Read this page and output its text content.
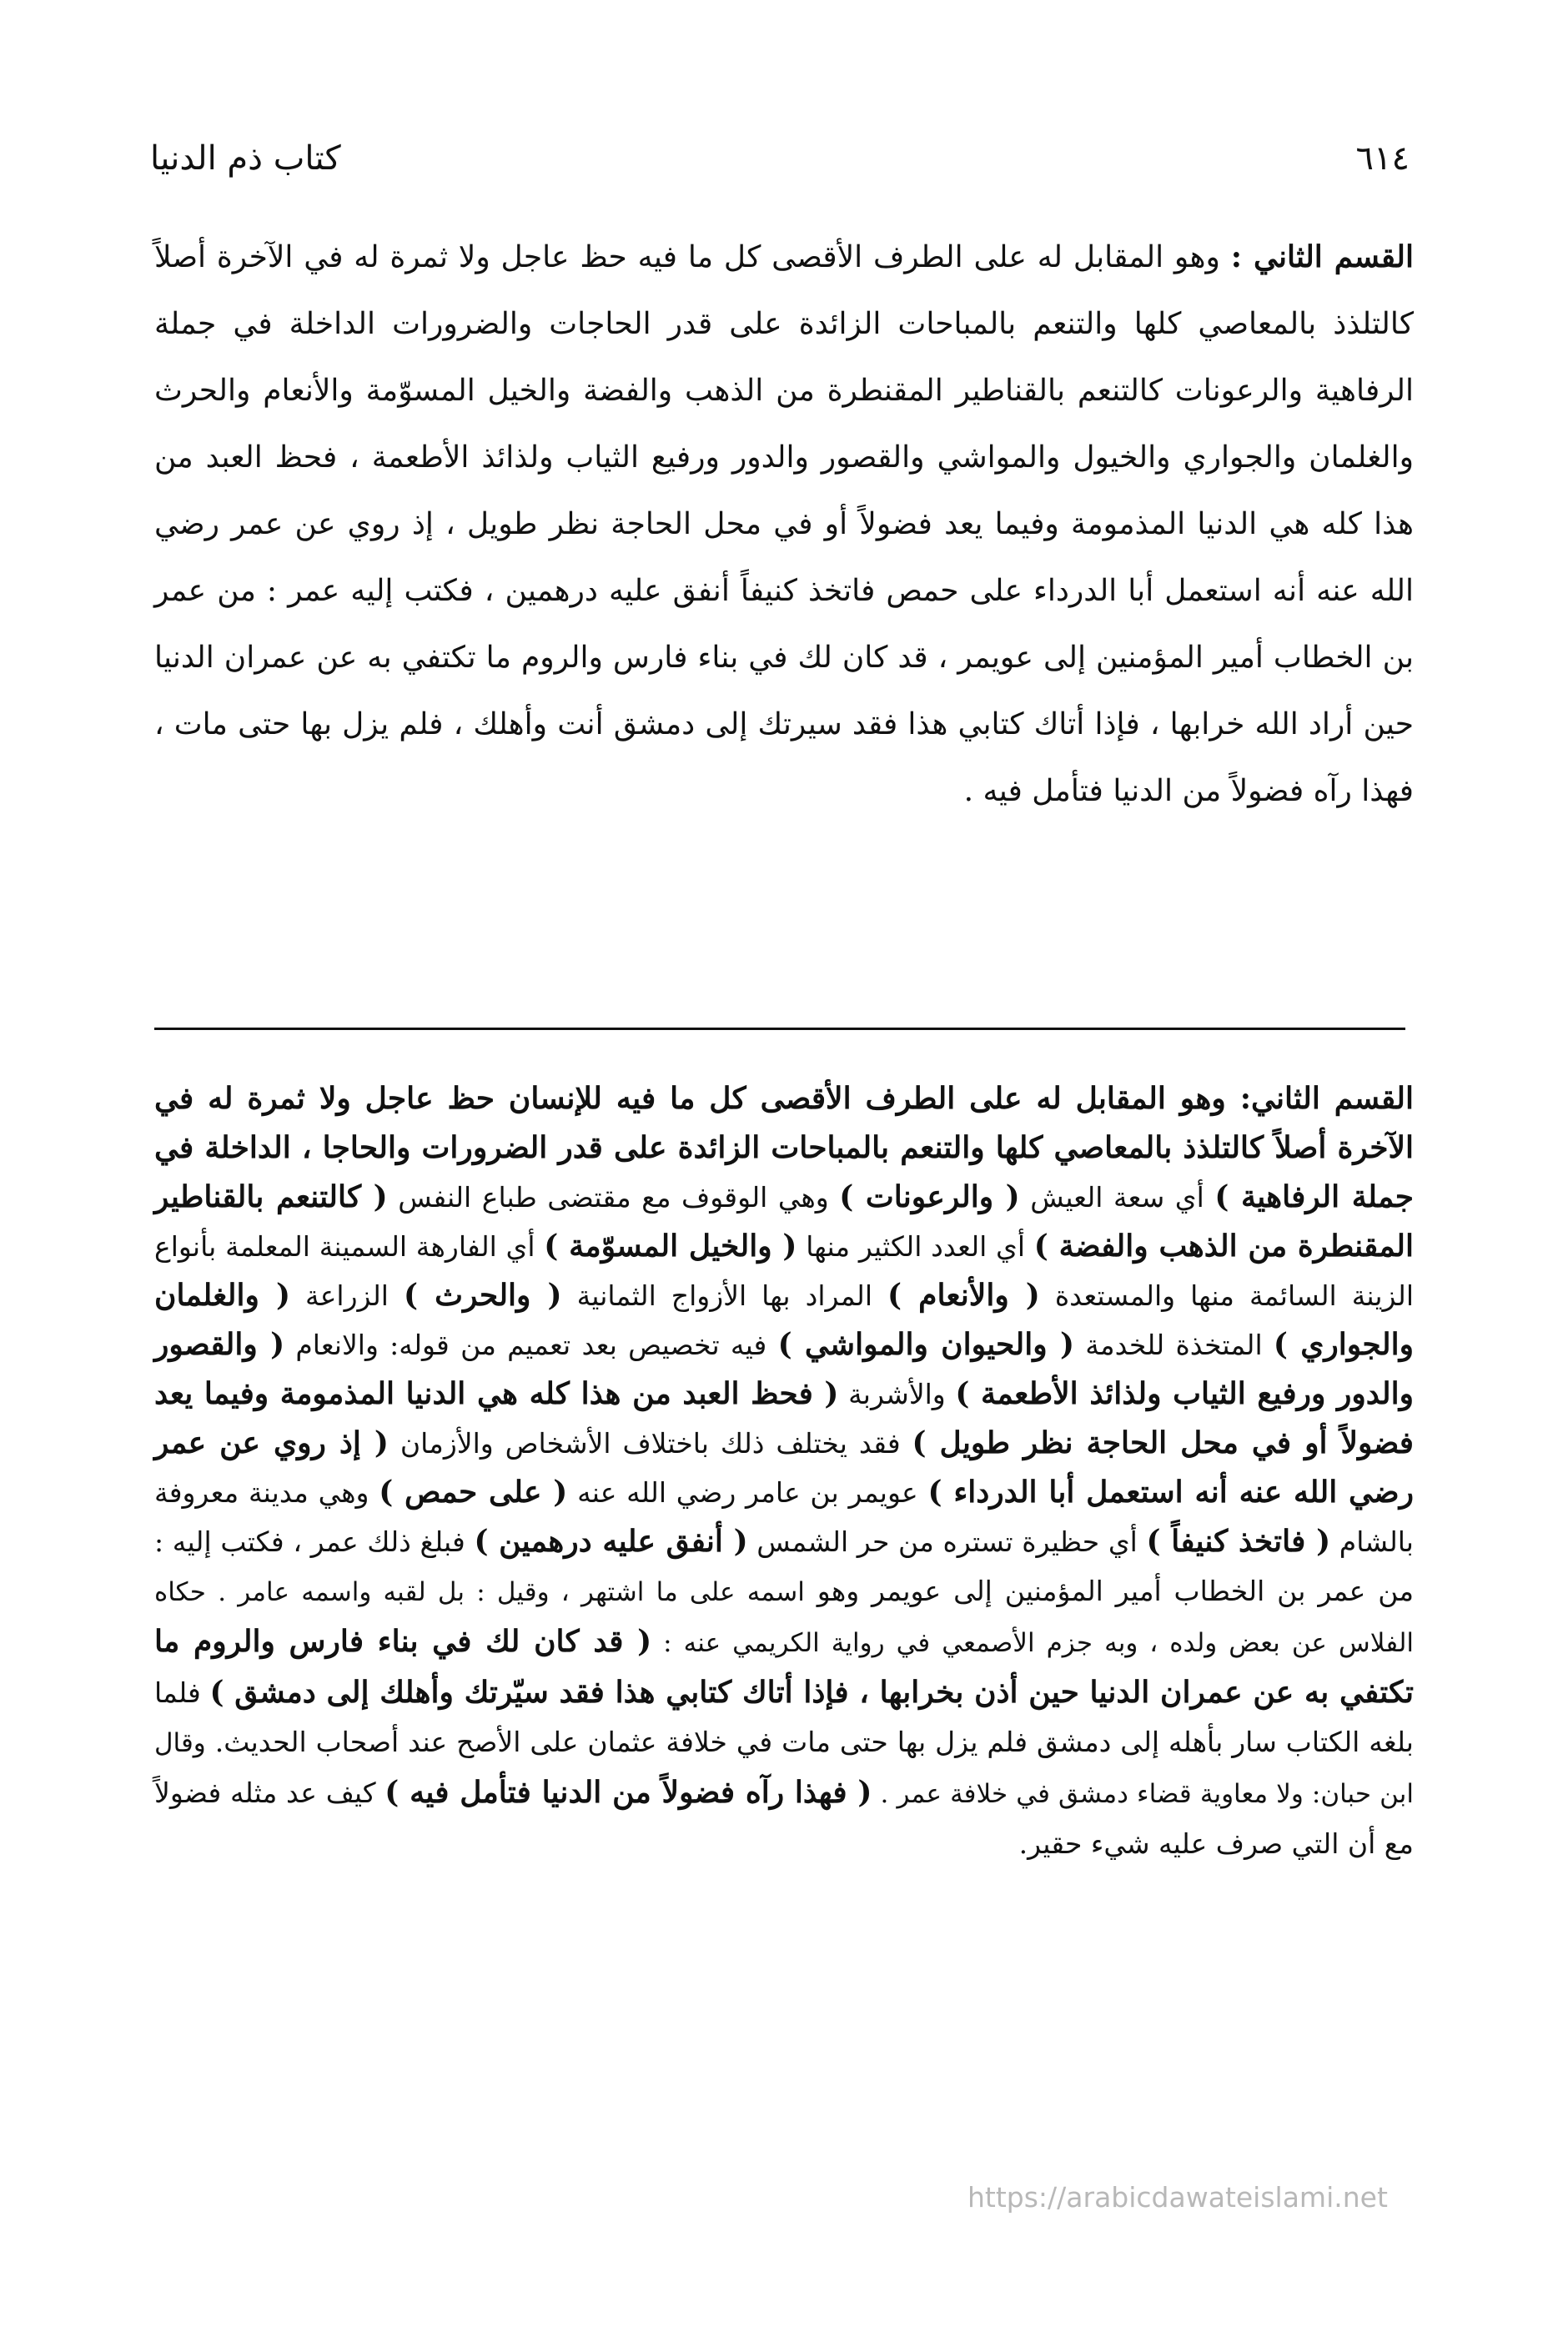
٦١٤
كتاب ذم الدنيا
القسم الثاني : وهو المقابل له على الطرف الأقصى كل ما فيه حظ عاجل ولا ثمرة له في الآخرة أصلاً كالتلذذ بالمعاصي كلها والتنعم بالمباحات الزائدة على قدر الحاجات والضرورات الداخلة في جملة الرفاهية والرعونات كالتنعم بالقناطير المقنطرة من الذهب والفضة والخيل المسوّمة والأنعام والحرث والغلمان والجواري والخيول والمواشي والقصور والدور ورفيع الثياب ولذائذ الأطعمة ، فحظ العبد من هذا كله هي الدنيا المذمومة وفيما يعد فضولاً أو في محل الحاجة نظر طويل ، إذ روي عن عمر رضي الله عنه أنه استعمل أبا الدرداء على حمص فاتخذ كنيفاً أنفق عليه درهمين ، فكتب إليه عمر : من عمر بن الخطاب أمير المؤمنين إلى عويمر ، قد كان لك في بناء فارس والروم ما تكتفي به عن عمران الدنيا حين أراد الله خرابها ، فإذا أتاك كتابي هذا فقد سيرتك إلى دمشق أنت وأهلك ، فلم يزل بها حتى مات ، فهذا رآه فضولاً من الدنيا فتأمل فيه .
القسم الثاني: وهو المقابل له على الطرف الأقصى كل ما فيه للإنسان حظ عاجل ولا ثمرة له في الآخرة أصلاً كالتلذذ بالمعاصي كلها والتنعم بالمباحات الزائدة على قدر الضرورات والحاجا ، الداخلة في جملة الرفاهية ) أي سعة العيش ( والرعونات ) وهي الوقوف مع مقتضى طباع النفس ( كالتنعم بالقناطير المقنطرة من الذهب والفضة ) أي العدد الكثير منها ( والخيل المسوّمة ) أي الفارهة السمينة المعلمة بأنواع الزينة السائمة منها والمستعدة ( والأنعام ) المراد بها الأزواج الثمانية ( والحرث ) الزراعة ( والغلمان والجواري ) المتخذة للخدمة ( والحيوان والمواشي ) فيه تخصيص بعد تعميم من قوله: والانعام ( والقصور والدور ورفيع الثياب ولذائذ الأطعمة ) والأشربة ( فحظ العبد من هذا كله هي الدنيا المذمومة وفيما يعد فضولاً أو في محل الحاجة نظر طويل ) فقد يختلف ذلك باختلاف الأشخاص والأزمان ( إذ روي عن عمر رضي الله عنه أنه استعمل أبا الدرداء ) عويمر بن عامر رضي الله عنه ( على حمص ) وهي مدينة معروفة بالشام ( فاتخذ كنيفاً ) أي حظيرة تستره من حر الشمس ( أنفق عليه درهمين ) فبلغ ذلك عمر ، فكتب إليه : من عمر بن الخطاب أمير المؤمنين إلى عويمر وهو اسمه على ما اشتهر ، وقيل : بل لقبه واسمه عامر . حكاه الفلاس عن بعض ولده ، وبه جزم الأصمعي في رواية الكريمي عنه : ( قد كان لك في بناء فارس والروم ما تكتفي به عن عمران الدنيا حين أذن بخرابها ، فإذا أتاك كتابي هذا فقد سيّرتك وأهلك إلى دمشق ) فلما بلغه الكتاب سار بأهله إلى دمشق فلم يزل بها حتى مات في خلافة عثمان على الأصح عند أصحاب الحديث. وقال ابن حبان: ولا معاوية قضاء دمشق في خلافة عمر . ( فهذا رآه فضولاً من الدنيا فتأمل فيه ) كيف عد مثله فضولاً مع أن التي صرف عليه شيء حقير.
https://arabicdawateislami.net
